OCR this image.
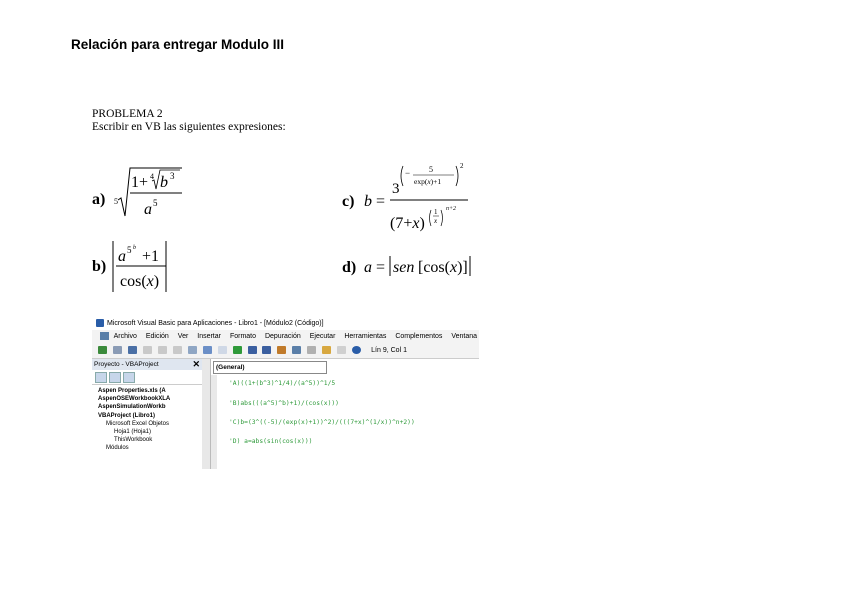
Relación para entregar Modulo III
PROBLEMA 2
Escribir en VB las siguientes expresiones:
a) 5
1+ 4 b 3
a 5
b)
a 5 b +1
cos(x)
c) b =
3
− 5
exp(x)+1
2
(7+x)
1
x
n+2
d) a = sen [cos(x)]
Microsoft Visual Basic para Aplicaciones - Libro1 - [Módulo2 (Código)]
Archivo Edición Ver Insertar Formato Depuración Ejecutar Herramientas Complementos Ventana
Lín 9, Col 1
Proyecto - VBAProject	✕
Aspen Properties.xls (A
AspenOSEWorkbookXLA
AspenSimulationWorkb
VBAProject (Libro1)
Microsoft Excel Objetos
Hoja1 (Hoja1)
ThisWorkbook
Módulos
(General)
'A)((1+(b^3)^1/4)/(a^5))^1/5
'B)abs(((a^5)^b)+1)/(cos(x)))
'C)b=(3^((-5)/(exp(x)+1))^2)/(((7+x)^(1/x))^n+2))
'D) a=abs(sin(cos(x)))
